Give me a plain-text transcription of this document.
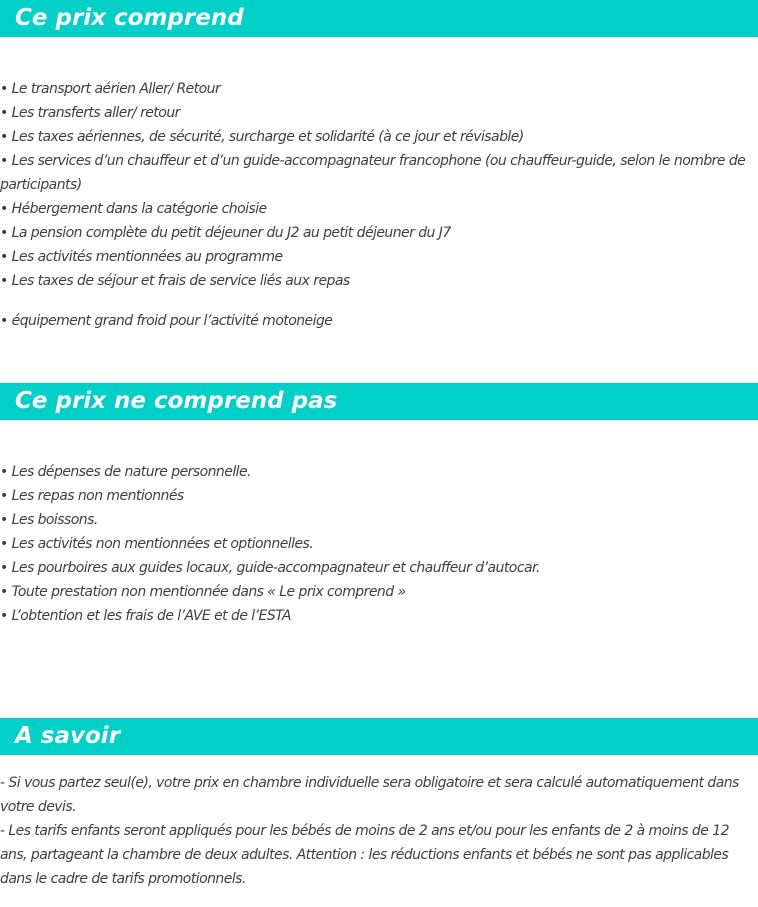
Ce prix comprend
• Le transport aérien Aller/ Retour
• Les transferts aller/ retour
• Les taxes aériennes, de sécurité, surcharge et solidarité (à ce jour et révisable)
• Les services d’un chauffeur et d’un guide-accompagnateur francophone (ou chauffeur-guide, selon le nombre de participants)
• Hébergement dans la catégorie choisie
• La pension complète du petit déjeuner du J2 au petit déjeuner du J7
• Les activités mentionnées au programme
• Les taxes de séjour et frais de service liés aux repas
• équipement grand froid pour l’activité motoneige
Ce prix ne comprend pas
• Les dépenses de nature personnelle.
• Les repas non mentionnés
• Les boissons.
• Les activités non mentionnées et optionnelles.
• Les pourboires aux guides locaux, guide-accompagnateur et chauffeur d’autocar.
• Toute prestation non mentionnée dans « Le prix comprend »
• L’obtention et les frais de l’AVE et de l’ESTA
A savoir
- Si vous partez seul(e), votre prix en chambre individuelle sera obligatoire et sera calculé automatiquement dans votre devis.
- Les tarifs enfants seront appliqués pour les bébés de moins de 2 ans et/ou pour les enfants de 2 à moins de 12 ans, partageant la chambre de deux adultes. Attention : les réductions enfants et bébés ne sont pas applicables dans le cadre de tarifs promotionnels.
